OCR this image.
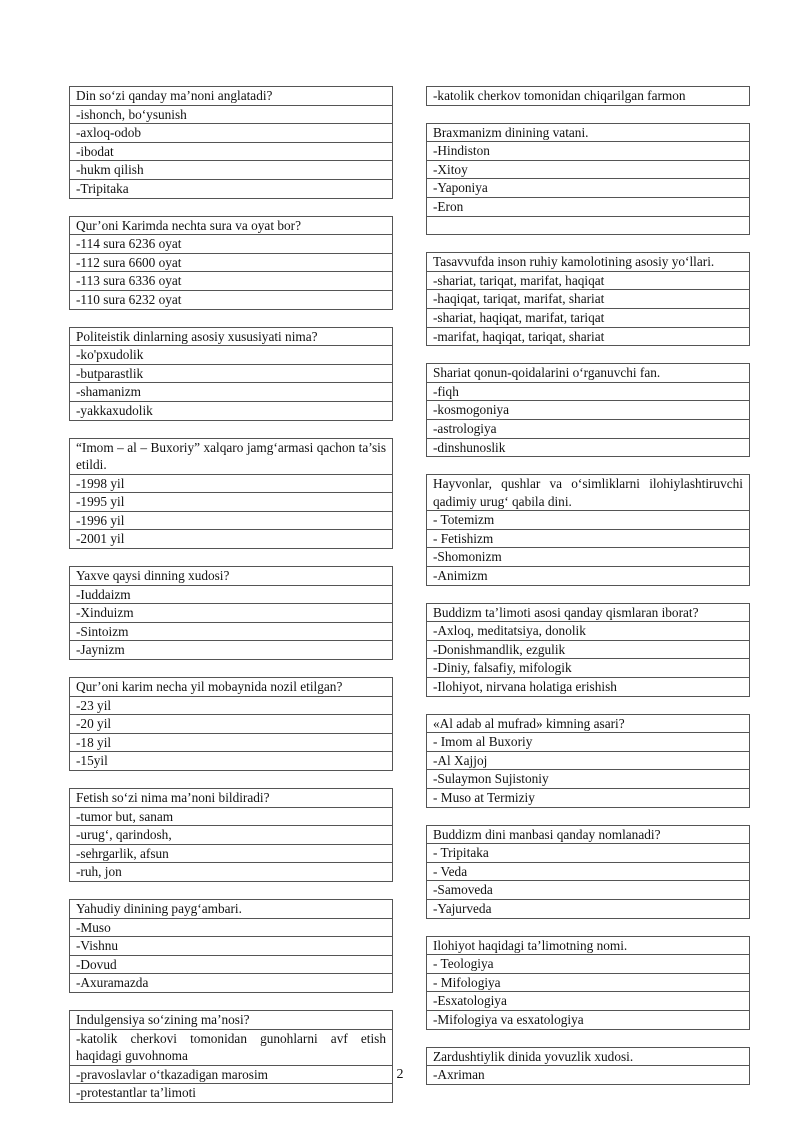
Din so‘zi qanday ma’noni anglatadi?
-ishonch, bo‘ysunish
-axloq-odob
-ibodat
-hukm qilish
-Tripitaka
Qur’oni Karimda nechta sura va oyat bor?
-114 sura 6236 oyat
-112 sura 6600 oyat
-113 sura 6336 oyat
-110 sura 6232 oyat
Politeistik dinlarning asosiy xususiyati nima?
-ko'pxudolik
-butparastlik
-shamanizm
-yakkaxudolik
“Imom – al – Buxoriy” xalqaro jamg‘armasi qachon ta’sis etildi.
-1998 yil
-1995 yil
-1996 yil
-2001 yil
Yaxve qaysi dinning xudosi?
-Iuddaizm
-Xinduizm
-Sintoizm
-Jaynizm
Qur’oni karim necha yil mobaynida nozil etilgan?
-23 yil
-20 yil
-18 yil
-15yil
Fetish so‘zi nima ma’noni bildiradi?
-tumor but, sanam
-urug‘, qarindosh,
-sehrgarlik, afsun
-ruh, jon
Yahudiy dinining payg‘ambari.
-Muso
-Vishnu
-Dovud
-Axuramazda
Indulgensiya so‘zining ma’nosi?
-katolik cherkovi tomonidan gunohlarni avf etish haqidagi guvohnoma
-pravoslavlar o‘tkazadigan marosim
-protestantlar ta’limoti
-katolik cherkov tomonidan chiqarilgan farmon
Braxmanizm dinining vatani.
-Hindiston
-Xitoy
-Yaponiya
-Eron

Tasavvufda inson ruhiy kamolotining asosiy yo‘llari.
-shariat, tariqat, marifat, haqiqat
-haqiqat, tariqat, marifat, shariat
-shariat, haqiqat, marifat, tariqat
-marifat, haqiqat, tariqat, shariat
Shariat qonun-qoidalarini o‘rganuvchi fan.
-fiqh
-kosmogoniya
-astrologiya
-dinshunoslik
Hayvonlar, qushlar va o‘simliklarni ilohiylashtiruvchi qadimiy urug‘ qabila dini.
- Totemizm
- Fetishizm
-Shomonizm
-Animizm
Buddizm ta’limoti asosi qanday qismlaran iborat?
-Axloq, meditatsiya, donolik
-Donishmandlik, ezgulik
-Diniy, falsafiy, mifologik
-Ilohiyot, nirvana holatiga erishish
«Al adab al mufrad» kimning asari?
- Imom al Buxoriy
-Al Xajjoj
-Sulaymon Sujistoniy
- Muso at Termiziy
Buddizm dini manbasi qanday nomlanadi?
- Tripitaka
- Veda
-Samoveda
-Yajurveda
Ilohiyot haqidagi ta’limotning nomi.
- Teologiya
- Mifologiya
-Esxatologiya
-Mifologiya va esxatologiya
Zardushtiylik dinida yovuzlik xudosi.
-Axriman
2
